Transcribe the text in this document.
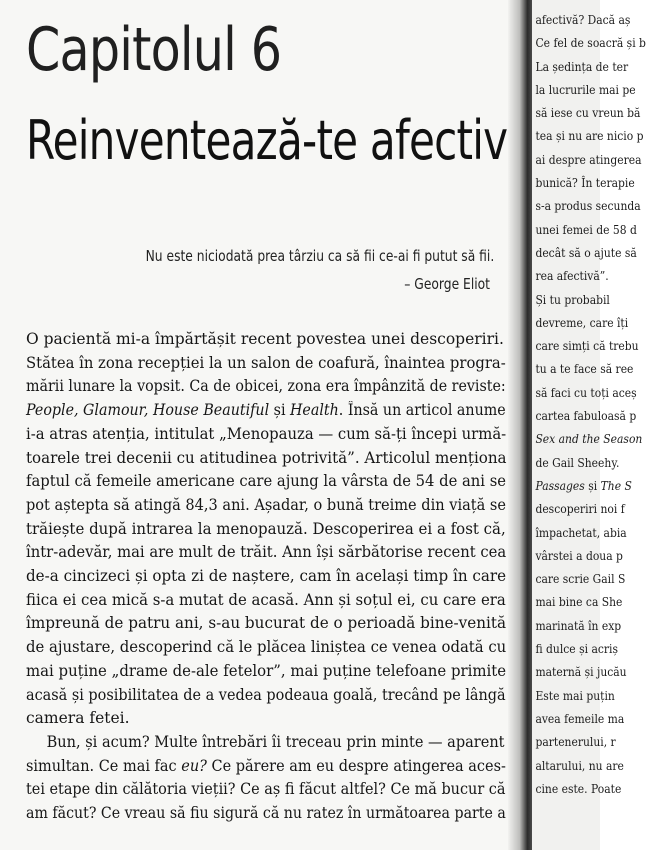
Capitolul 6
Reinventează-te afectiv
Nu este niciodată prea târziu ca să fii ce-ai fi putut să fii.
– George Eliot
O pacientă mi-a împărtășit recent povestea unei descoperiri.
Stătea în zona recepției la un salon de coafură, înaintea progra-
mării lunare la vopsit. Ca de obicei, zona era împânzită de reviste:
People, Glamour, House Beautiful și Health. Însă un articol anume
i-a atras atenția, intitulat „Menopauza — cum să-ți începi urmă-
toarele trei decenii cu atitudinea potrivită”. Articolul menționa
faptul că femeile americane care ajung la vârsta de 54 de ani se
pot aștepta să atingă 84,3 ani. Așadar, o bună treime din viață se
trăiește după intrarea la menopauză. Descoperirea ei a fost că,
într-adevăr, mai are mult de trăit. Ann își sărbătorise recent cea
de-a cincizeci și opta zi de naștere, cam în același timp în care
fiica ei cea mică s-a mutat de acasă. Ann și soțul ei, cu care era
împreună de patru ani, s-au bucurat de o perioadă bine-venită
de ajustare, descoperind că le plăcea liniștea ce venea odată cu
mai puține „drame de-ale fetelor”, mai puține telefoane primite
acasă și posibilitatea de a vedea podeaua goală, trecând pe lângă
camera fetei.
Bun, și acum? Multe întrebări îi treceau prin minte — aparent
simultan. Ce mai fac eu? Ce părere am eu despre atingerea aces-
tei etape din călătoria vieții? Ce aș fi făcut altfel? Ce mă bucur că
am făcut? Ce vreau să fiu sigură că nu ratez în următoarea parte a
afectivă? Dacă aș
Ce fel de soacră și b
La ședința de ter
la lucrurile mai pe
să iese cu vreun bă
tea și nu are nicio p
ai despre atingerea
bunică? În terapie
s-a produs secunda
unei femei de 58 d
decât să o ajute să
rea afectivă”.
Și tu probabil
devreme, care îți
care simți că trebu
tu a te face să ree
să faci cu toți aceș
cartea fabuloasă p
Sex and the Season
de Gail Sheehy.
Passages și The S
descoperiri noi f
împachetat, abia
vârstei a doua p
care scrie Gail S
mai bine ca She
marinată în exp
fi dulce și acriș
maternă și jucău
Este mai puțin
avea femeile ma
partenerului, r
altarului, nu are
cine este. Poate
